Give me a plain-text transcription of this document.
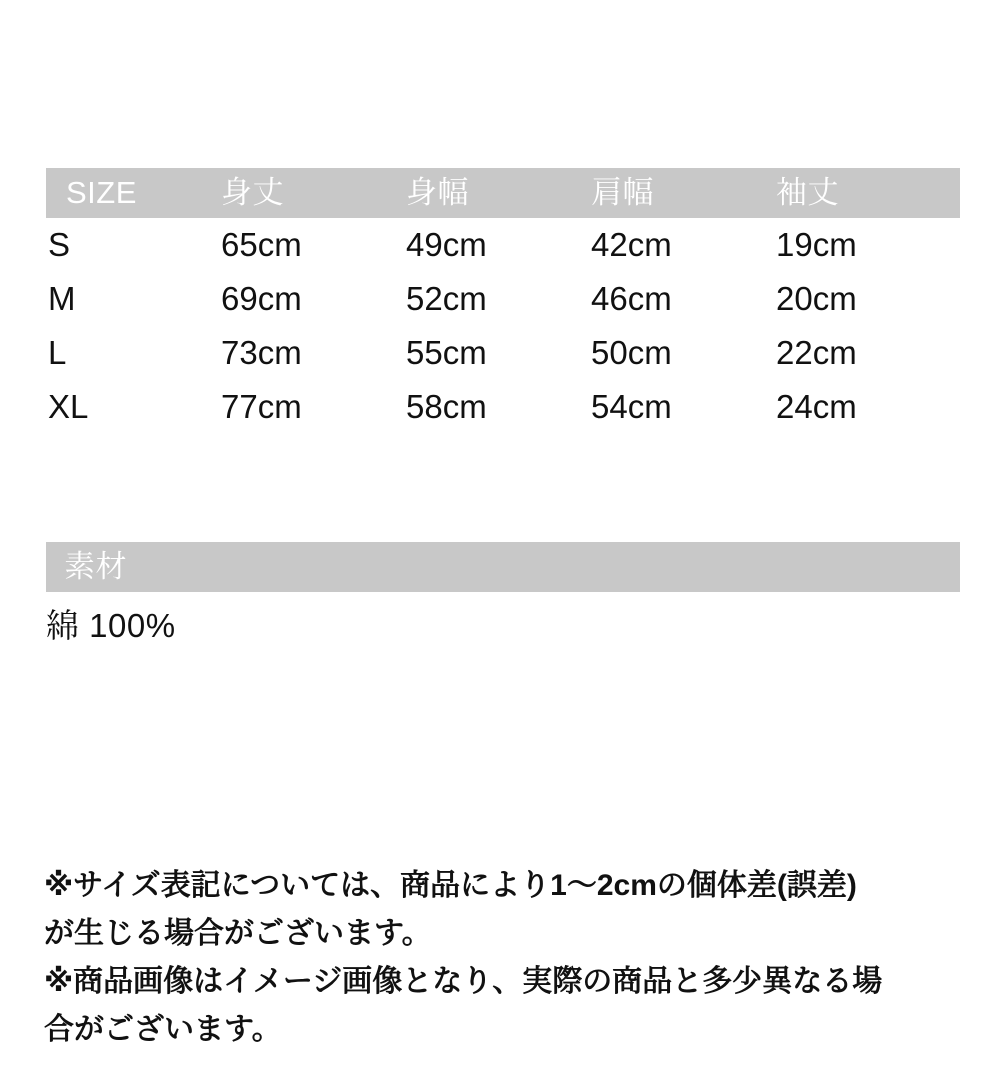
SIZE	身丈	身幅	肩幅	袖丈
S	65cm	49cm	42cm	19cm
M	69cm	52cm	46cm	20cm
L	73cm	55cm	50cm	22cm
XL	77cm	58cm	54cm	24cm
素材
綿 100%
※サイズ表記については、商品により1〜2cmの個体差(誤差)
が生じる場合がございます。
※商品画像はイメージ画像となり、実際の商品と多少異なる場
合がございます。
